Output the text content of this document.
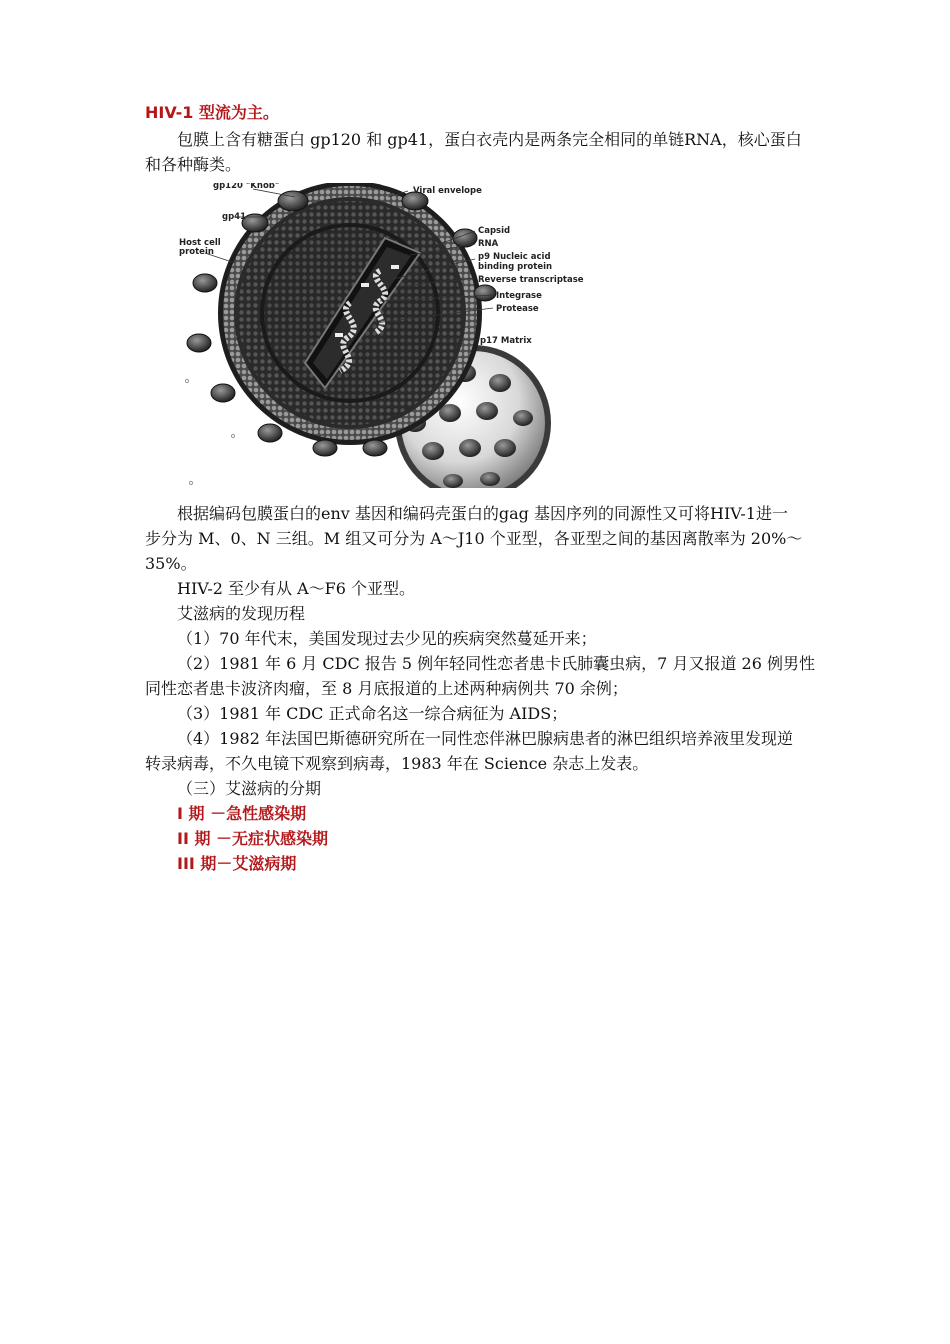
HIV-1 型流为主。
包膜上含有糖蛋白 gp120 和 gp41，蛋白衣壳内是两条完全相同的单链RNA，核心蛋白
和各种酶类。
gp120 "Knob"
gp41
Host cell
protein
Viral envelope
Capsid
RNA
p9 Nucleic acid
binding protein
Reverse transcriptase
Integrase
Protease
p17 Matrix
根据编码包膜蛋白的env 基因和编码壳蛋白的gag 基因序列的同源性又可将HIV-1进一
步分为 M、0、N 三组。M 组又可分为 A～J10 个亚型，各亚型之间的基因离散率为 20%～
35%。
HIV-2 至少有从 A～F6 个亚型。
艾滋病的发现历程
（1）70 年代末，美国发现过去少见的疾病突然蔓延开来；
（2）1981 年 6 月 CDC 报告 5 例年轻同性恋者患卡氏肺囊虫病，7 月又报道 26 例男性
同性恋者患卡波济肉瘤，至 8 月底报道的上述两种病例共 70 余例；
（3）1981 年 CDC 正式命名这一综合病征为 AIDS；
（4）1982 年法国巴斯德研究所在一同性恋伴淋巴腺病患者的淋巴组织培养液里发现逆
转录病毒，不久电镜下观察到病毒，1983 年在 Science 杂志上发表。
（三）艾滋病的分期
I 期 －急性感染期
II 期 －无症状感染期
III 期－艾滋病期
